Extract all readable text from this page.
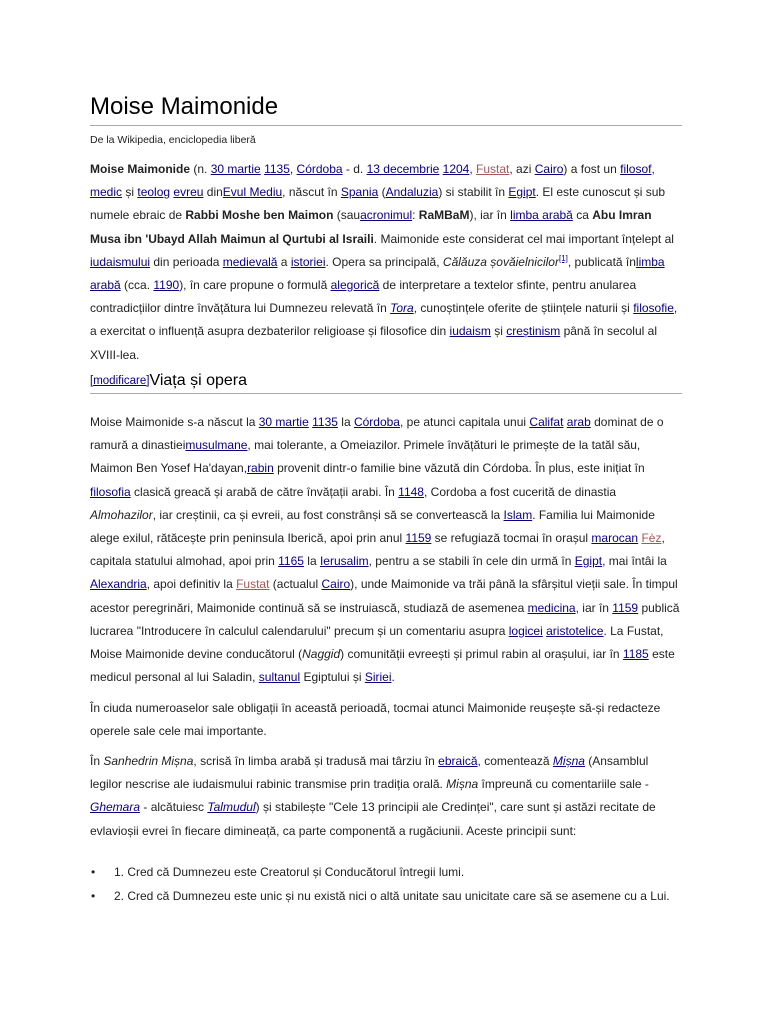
Moise Maimonide
De la Wikipedia, enciclopedia liberă

Moise Maimonide (n. 30 martie 1135, Córdoba - d. 13 decembrie 1204, Fustat, azi Cairo) a fost un filosof, medic și teolog evreu dinEvul Mediu, născut în Spania (Andaluzia) si stabilit în Egipt. El este cunoscut și sub numele ebraic de Rabbi Moshe ben Maimon (sauacronimul: RaMBaM), iar în limba arabă ca Abu Imran Musa ibn 'Ubayd Allah Maimun al Qurtubi al Israili. Maimonide este considerat cel mai important înțelept al iudaismului din perioada medievală a istoriei. Opera sa principală, Călăuza șovăielnicilor[1], publicată înlimba arabă (cca. 1190), în care propune o formulă alegorică de interpretare a textelor sfinte, pentru anularea contradicțiilor dintre învățătura lui Dumnezeu relevată în Tora, cunoștințele oferite de științele naturii și filosofie, a exercitat o influență asupra dezbaterilor religioase și filosofice din iudaism și creștinism până în secolul al XVIII-lea.

[modificare]Viața și opera

Moise Maimonide s-a născut la 30 martie 1135 la Córdoba, pe atunci capitala unui Califat arab dominat de o ramură a dinastieimusulmane, mai tolerante, a Omeiazilor. Primele învățături le primește de la tatăl său, Maimon Ben Yosef Ha'dayan,rabin provenit dintr-o familie bine văzută din Córdoba. În plus, este inițiat în filosofia clasică greacă și arabă de către învățații arabi. În 1148, Cordoba a fost cucerită de dinastia Almohazilor, iar creștinii, ca și evreii, au fost constrânși să se convertească la Islam. Familia lui Maimonide alege exilul, rătăcește prin peninsula Iberică, apoi prin anul 1159 se refugiază tocmai în orașul marocan Fèz, capitala statului almohad, apoi prin 1165 la Ierusalim, pentru a se stabili în cele din urmă în Egipt, mai întâi la Alexandria, apoi definitiv la Fustat (actualul Cairo), unde Maimonide va trăi până la sfârșitul vieții sale. În timpul acestor peregrinări, Maimonide continuă să se instruiască, studiază de asemenea medicina, iar în 1159 publică lucrarea "Introducere în calculul calendarului" precum și un comentariu asupra logicei aristotelice. La Fustat, Moise Maimonide devine conducătorul (Naggid) comunității evreești și primul rabin al orașului, iar în 1185 este medicul personal al lui Saladin, sultanul Egiptului și Siriei.

În ciuda numeroaselor sale obligații în această perioadă, tocmai atunci Maimonide reușește să-și redacteze operele sale cele mai importante.

În Sanhedrin Mișna, scrisă în limba arabă și tradusă mai târziu în ebraică, comentează Mișna (Ansamblul legilor nescrise ale iudaismului rabinic transmise prin tradiția orală. Mișna împreună cu comentariile sale - Ghemara - alcătuiesc Talmudul) și stabilește "Cele 13 principii ale Credinței", care sunt și astăzi recitate de evlavioșii evrei în fiecare dimineață, ca parte componentă a rugăciunii. Aceste principii sunt:

• 1. Cred că Dumnezeu este Creatorul și Conducătorul întregii lumi.
• 2. Cred că Dumnezeu este unic și nu există nici o altă unitate sau unicitate care să se asemene cu a Lui.
